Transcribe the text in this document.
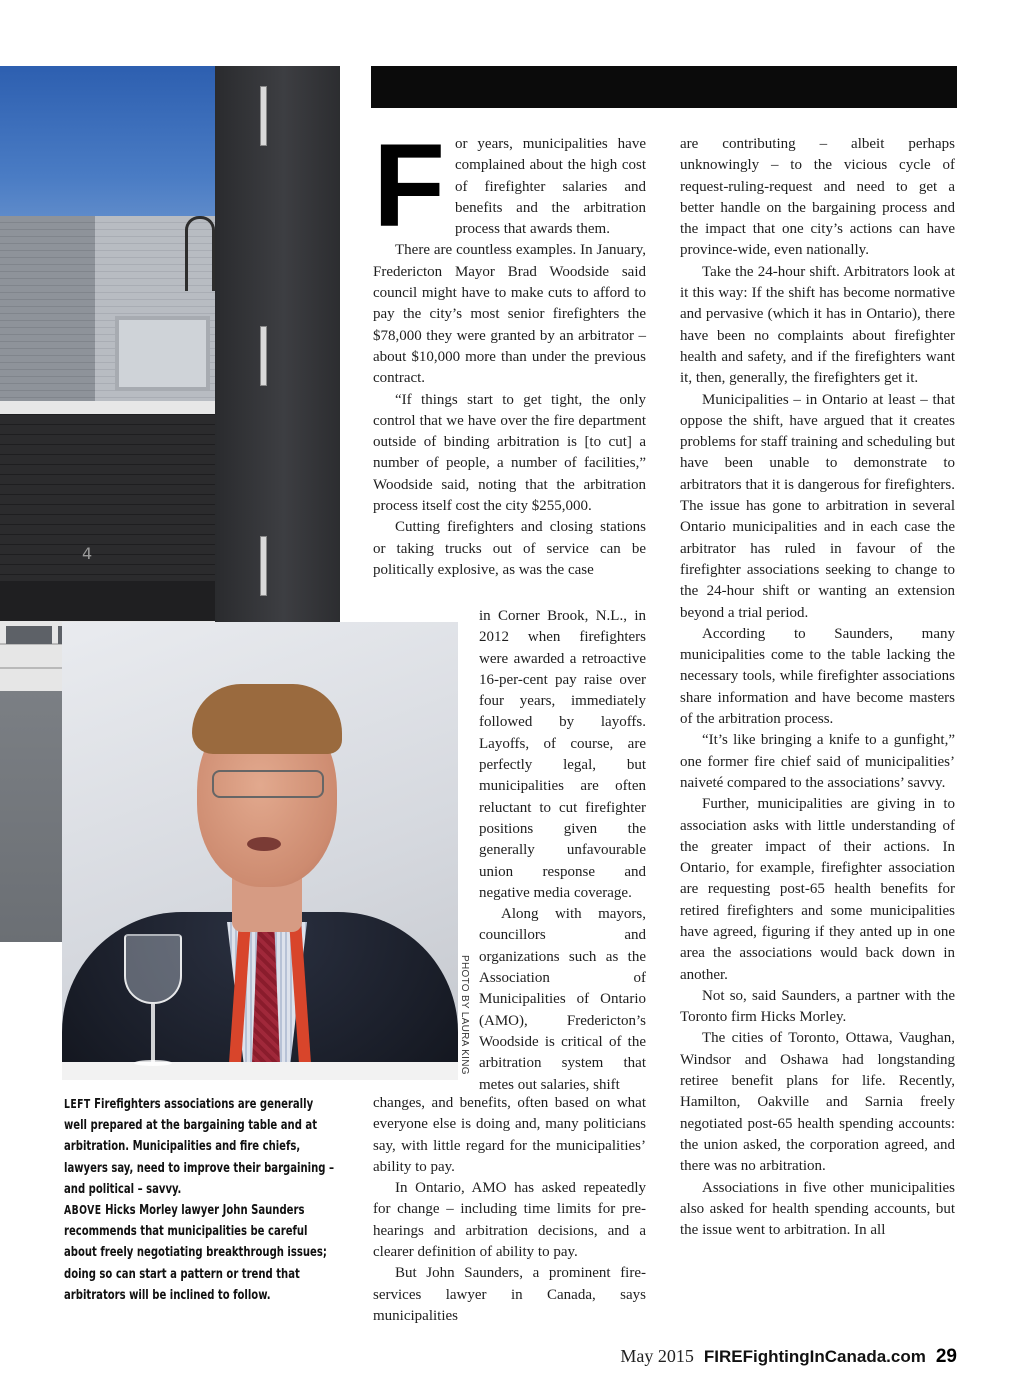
4
PHOTO BY LAURA KING

For years, municipalities have complained about the high cost of firefighter salaries and benefits and the arbitration process that awards them.

There are countless examples. In January, Fredericton Mayor Brad Woodside said council might have to make cuts to afford to pay the city’s most senior firefighters the $78,000 they were granted by an arbitrator – about $10,000 more than under the previous contract.

“If things start to get tight, the only control that we have over the fire department outside of binding arbitration is [to cut] a number of people, a number of facilities,” Woodside said, noting that the arbitration process itself cost the city $255,000.

Cutting firefighters and closing stations or taking trucks out of service can be politically explosive, as was the case

in Corner Brook, N.L., in 2012 when firefighters were awarded a retroactive 16-per-cent pay raise over four years, immediately followed by layoffs. Layoffs, of course, are perfectly legal, but municipalities are often reluctant to cut firefighter positions given the generally unfavourable union response and negative media coverage.

Along with mayors, councillors and organizations such as the Association of Municipalities of Ontario (AMO), Fredericton’s Woodside is critical of the arbitration system that metes out salaries, shift

changes, and benefits, often based on what everyone else is doing and, many politicians say, with little regard for the municipalities’ ability to pay.

In Ontario, AMO has asked repeatedly for change – including time limits for pre-hearings and arbitration decisions, and a clearer definition of ability to pay.

But John Saunders, a prominent fire-services lawyer in Canada, says municipalities

are contributing – albeit perhaps unknowingly – to the vicious cycle of request-ruling-request and need to get a better handle on the bargaining process and the impact that one city’s actions can have province-wide, even nationally.

Take the 24-hour shift. Arbitrators look at it this way: If the shift has become normative and pervasive (which it has in Ontario), there have been no complaints about firefighter health and safety, and if the firefighters want it, then, generally, the firefighters get it.

Municipalities – in Ontario at least – that oppose the shift, have argued that it creates problems for staff training and scheduling but have been unable to demonstrate to arbitrators that it is dangerous for firefighters. The issue has gone to arbitration in several Ontario municipalities and in each case the arbitrator has ruled in favour of the firefighter associations seeking to change to the 24-hour shift or wanting an extension beyond a trial period.

According to Saunders, many municipalities come to the table lacking the necessary tools, while firefighter associations share information and have become masters of the arbitration process.

“It’s like bringing a knife to a gunfight,” one former fire chief said of municipalities’ naiveté compared to the associations’ savvy.

Further, municipalities are giving in to association asks with little understanding of the greater impact of their actions. In Ontario, for example, firefighter association are requesting post-65 health benefits for retired firefighters and some municipalities have agreed, figuring if they anted up in one area the associations would back down in another.

Not so, said Saunders, a partner with the Toronto firm Hicks Morley.

The cities of Toronto, Ottawa, Vaughan, Windsor and Oshawa had longstanding retiree benefit plans for life. Recently, Hamilton, Oakville and Sarnia freely negotiated post-65 health spending accounts: the union asked, the corporation agreed, and there was no arbitration.

Associations in five other municipalities also asked for health spending accounts, but the issue went to arbitration. In all

LEFT Firefighters associations are generally well prepared at the bargaining table and at arbitration. Municipalities and fire chiefs, lawyers say, need to improve their bargaining – and political – savvy.
ABOVE Hicks Morley lawyer John Saunders recommends that municipalities be careful about freely negotiating breakthrough issues; doing so can start a pattern or trend that arbitrators will be inclined to follow.
May 2015 FIREFightingInCanada.com 29
